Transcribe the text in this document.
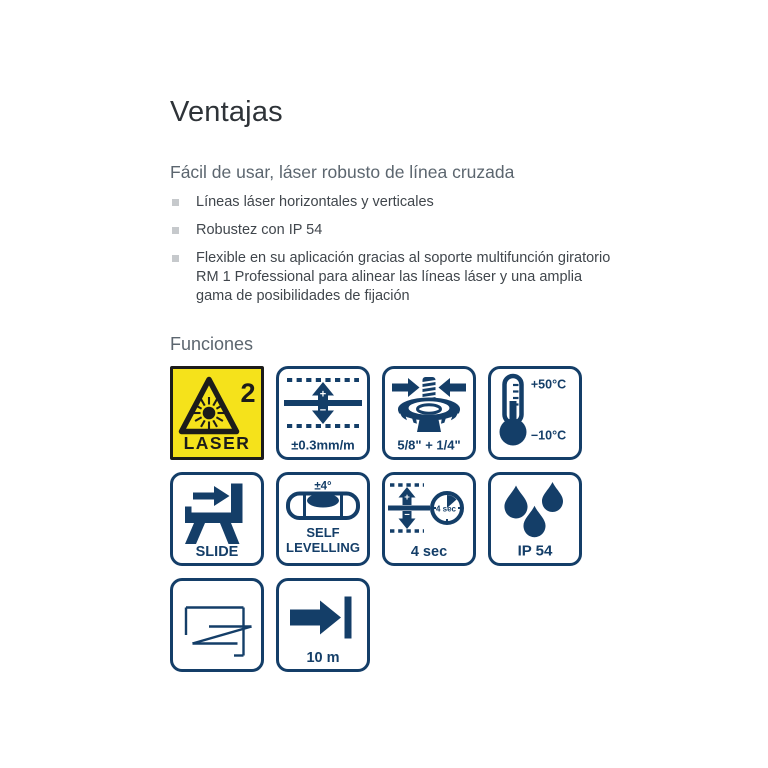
Ventajas
Fácil de usar, láser robusto de línea cruzada
Líneas láser horizontales y verticales
Robustez con IP 54
Flexible en su aplicación gracias al soporte multifunción giratorio RM 1 Professional para alinear las líneas láser y una amplia gama de posibilidades de fijación
Funciones
2
LASER
+
−
±0.3mm/m	5/8" + 1/4"
+50°C
−10°C
SLIDE
±4°
SELF
LEVELLING
+
−
4 sec
4 sec	IP 54
10 m
